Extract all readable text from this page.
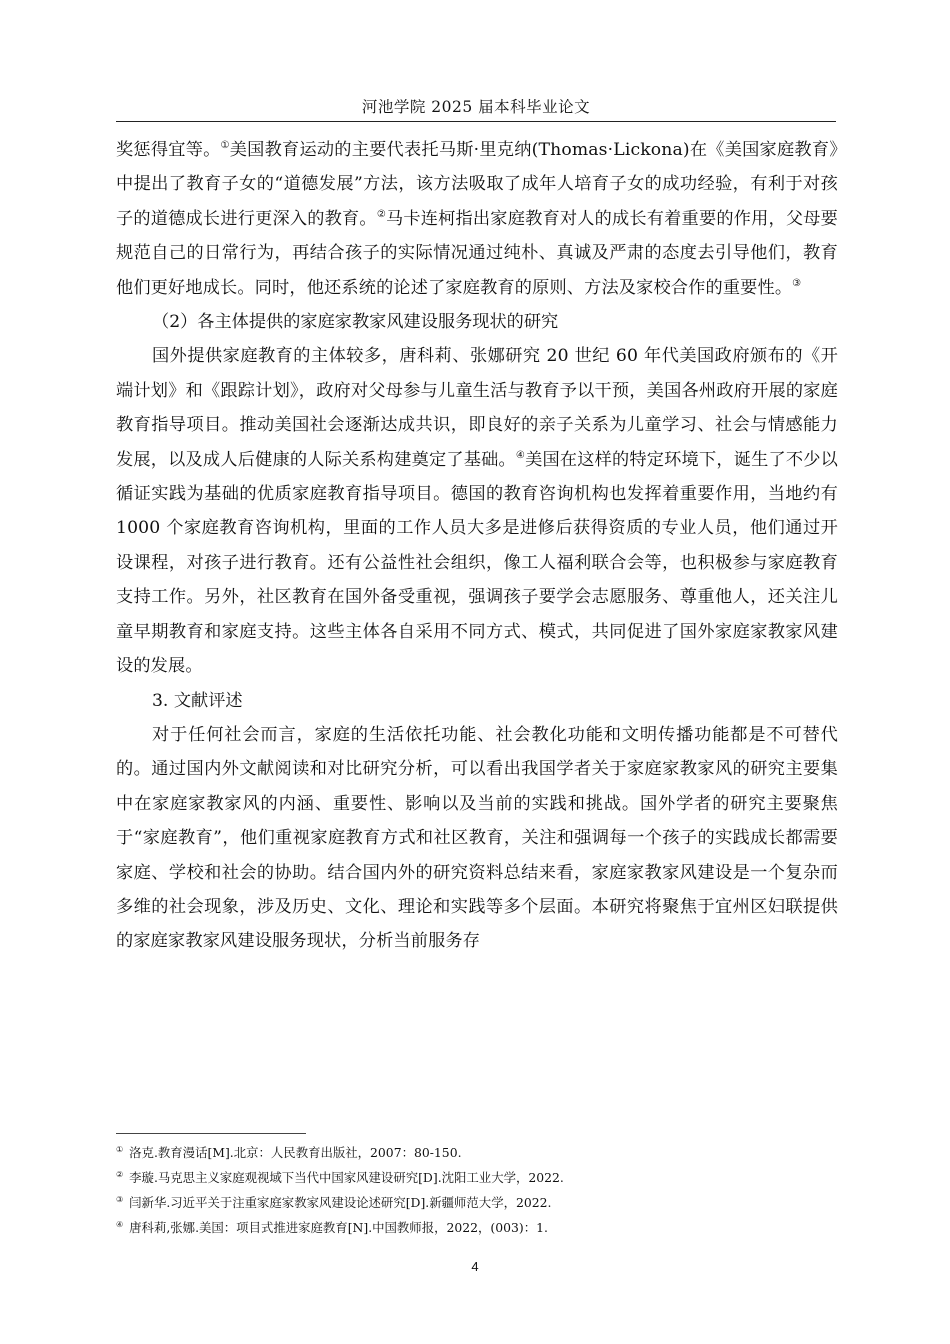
河池学院 2025 届本科毕业论文

奖惩得宜等。①美国教育运动的主要代表托马斯·里克纳(Thomas·Lickona)在《美国家庭教育》中提出了教育子女的“道德发展”方法，该方法吸取了成年人培育子女的成功经验，有利于对孩子的道德成长进行更深入的教育。②马卡连柯指出家庭教育对人的成长有着重要的作用，父母要规范自己的日常行为，再结合孩子的实际情况通过纯朴、真诚及严肃的态度去引导他们，教育他们更好地成长。同时，他还系统的论述了家庭教育的原则、方法及家校合作的重要性。③

（2）各主体提供的家庭家教家风建设服务现状的研究

国外提供家庭教育的主体较多，唐科莉、张娜研究 20 世纪 60 年代美国政府颁布的《开端计划》和《跟踪计划》，政府对父母参与儿童生活与教育予以干预，美国各州政府开展的家庭教育指导项目。推动美国社会逐渐达成共识，即良好的亲子关系为儿童学习、社会与情感能力发展，以及成人后健康的人际关系构建奠定了基础。④美国在这样的特定环境下，诞生了不少以循证实践为基础的优质家庭教育指导项目。德国的教育咨询机构也发挥着重要作用，当地约有 1000 个家庭教育咨询机构，里面的工作人员大多是进修后获得资质的专业人员，他们通过开设课程，对孩子进行教育。还有公益性社会组织，像工人福利联合会等，也积极参与家庭教育支持工作。另外，社区教育在国外备受重视，强调孩子要学会志愿服务、尊重他人，还关注儿童早期教育和家庭支持。这些主体各自采用不同方式、模式，共同促进了国外家庭家教家风建设的发展。

3. 文献评述

对于任何社会而言，家庭的生活依托功能、社会教化功能和文明传播功能都是不可替代的。通过国内外文献阅读和对比研究分析，可以看出我国学者关于家庭家教家风的研究主要集中在家庭家教家风的内涵、重要性、影响以及当前的实践和挑战。国外学者的研究主要聚焦于“家庭教育”，他们重视家庭教育方式和社区教育，关注和强调每一个孩子的实践成长都需要家庭、学校和社会的协助。结合国内外的研究资料总结来看，家庭家教家风建设是一个复杂而多维的社会现象，涉及历史、文化、理论和实践等多个层面。本研究将聚焦于宜州区妇联提供的家庭家教家风建设服务现状，分析当前服务存

① 洛克.教育漫话[M].北京：人民教育出版社，2007：80-150.

② 李璇.马克思主义家庭观视域下当代中国家风建设研究[D].沈阳工业大学，2022.

③ 闫新华.习近平关于注重家庭家教家风建设论述研究[D].新疆师范大学，2022.

④ 唐科莉,张娜.美国：项目式推进家庭教育[N].中国教师报，2022，(003)：1.

4
